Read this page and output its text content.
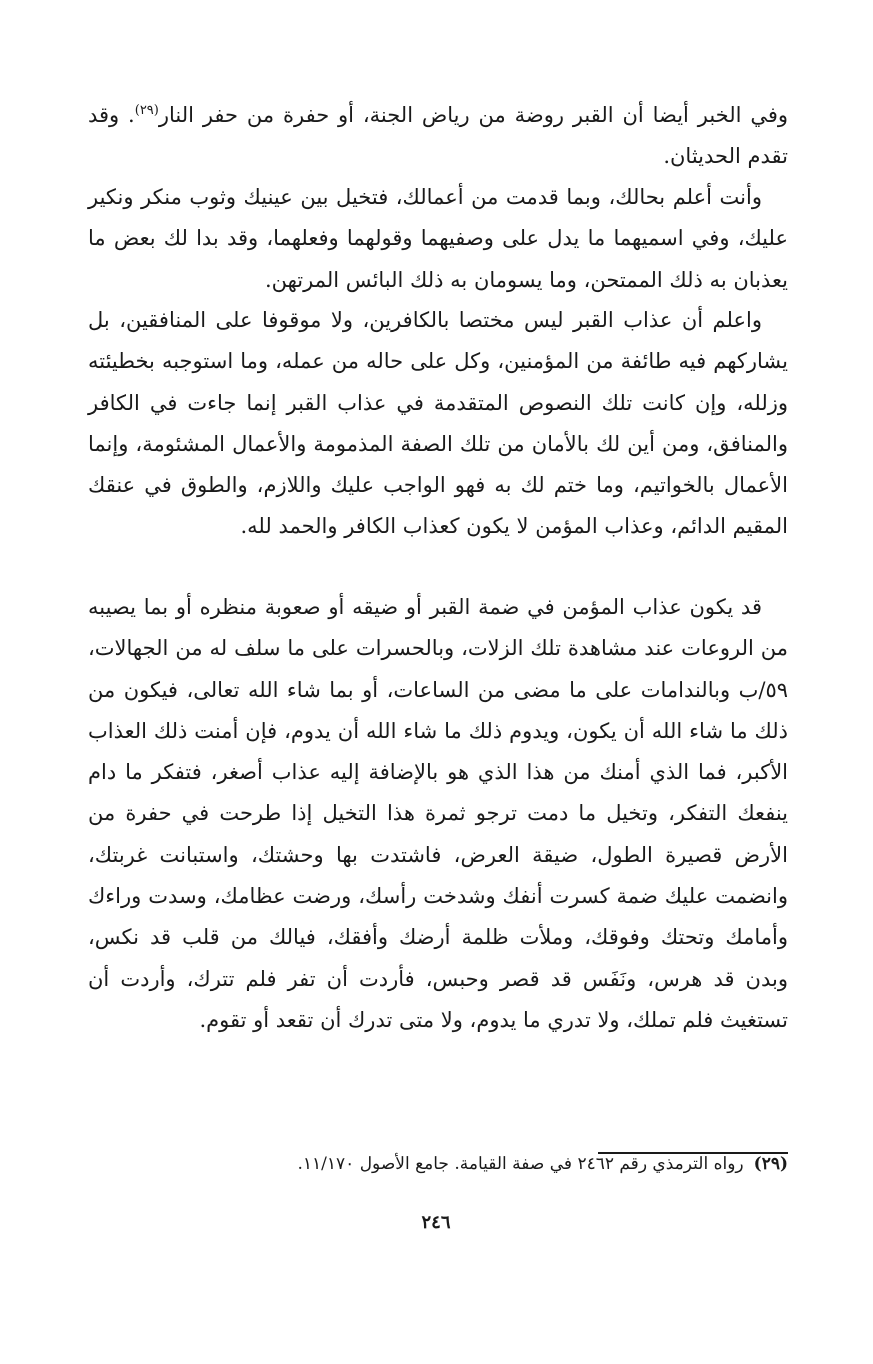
وفي الخبر أيضا أن القبر روضة من رياض الجنة، أو حفرة من حفر النار$^{(٢٩)}$. وقد تقدم الحديثان.

وأنت أعلم بحالك، وبما قدمت من أعمالك، فتخيل بين عينيك وثوب منكر ونكير عليك، وفي اسميهما ما يدل على وصفيهما وقولهما وفعلهما، وقد بدا لك بعض ما يعذبان به ذلك الممتحن، وما يسومان به ذلك البائس المرتهن.

واعلم أن عذاب القبر ليس مختصا بالكافرين، ولا موقوفا على المنافقين، بل يشاركهم فيه طائفة من المؤمنين، وكل على حاله من عمله، وما استوجبه بخطيئته وزلله، وإن كانت تلك النصوص المتقدمة في عذاب القبر إنما جاءت في الكافر والمنافق، ومن أين لك بالأمان من تلك الصفة المذمومة والأعمال المشئومة، وإنما الأعمال بالخواتيم، وما ختم لك به فهو الواجب عليك واللازم، والطوق في عنقك المقيم الدائم، وعذاب المؤمن لا يكون كعذاب الكافر والحمد لله.

قد يكون عذاب المؤمن في ضمة القبر أو ضيقه أو صعوبة منظره أو بما يصيبه من الروعات عند مشاهدة تلك الزلات، وبالحسرات على ما سلف له من الجهالات، ٥٩/ب وبالندامات على ما مضى من الساعات، أو بما شاء الله تعالى، فيكون من ذلك ما شاء الله أن يكون، ويدوم ذلك ما شاء الله أن يدوم، فإن أمنت ذلك العذاب الأكبر، فما الذي أمنك من هذا الذي هو بالإضافة إليه عذاب أصغر، فتفكر ما دام ينفعك التفكر، وتخيل ما دمت ترجو ثمرة هذا التخيل إذا طرحت في حفرة من الأرض قصيرة الطول، ضيقة العرض، فاشتدت بها وحشتك، واستبانت غربتك، وانضمت عليك ضمة كسرت أنفك وشدخت رأسك، ورضت عظامك، وسدت وراءك وأمامك وتحتك وفوقك، وملأت ظلمة أرضك وأفقك، فيالك من قلب قد نكس، وبدن قد هرس، ونَفَس قد قصر وحبس، فأردت أن تفر فلم تترك، وأردت أن تستغيث فلم تملك، ولا تدري ما يدوم، ولا متى تدرك أن تقعد أو تقوم.

(٢٩)رواه الترمذي رقم ٢٤٦٢ في صفة القيامة. جامع الأصول ١١/١٧٠.
٢٤٦
